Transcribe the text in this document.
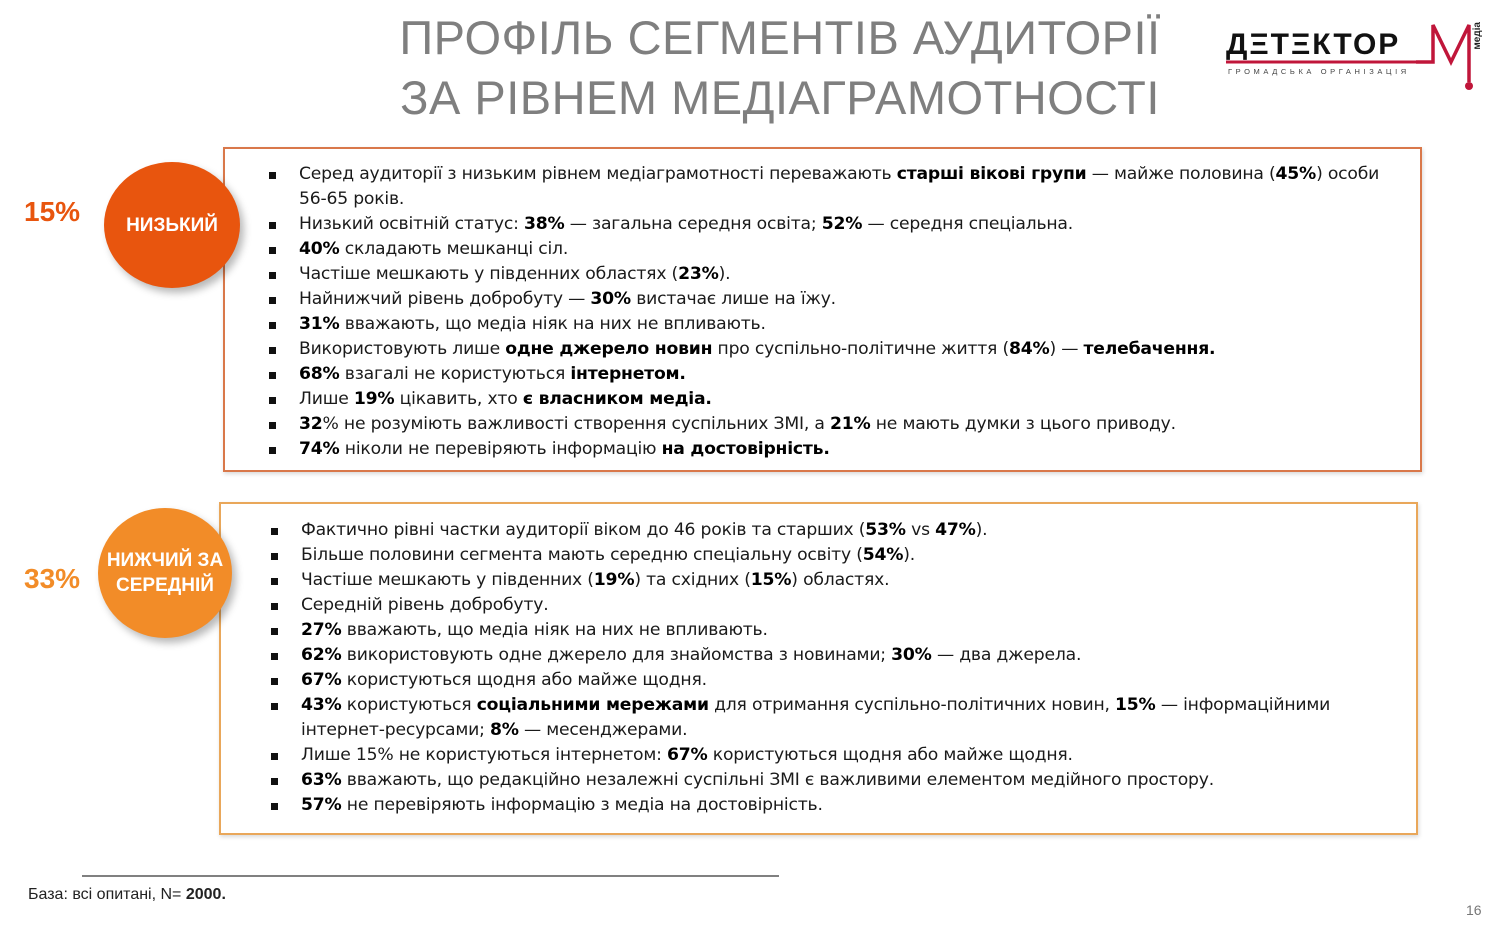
ПРОФІЛЬ СЕГМЕНТІВ АУДИТОРІЇ
ЗА РІВНЕМ МЕДІАГРАМОТНОСТІ
ДΞТΞКТОР
ГРОМАДСЬКА ОРГАНІЗАЦІЯ
медіа
15% НИЗЬКИЙ
Серед аудиторії з низьким рівнем медіаграмотності переважають старші вікові групи — майже половина (45%) особи 56-65 років.
Низький освітній статус: 38% — загальна середня освіта; 52% — середня спеціальна.
40% складають мешканці сіл.
Частіше мешкають у південних областях (23%).
Найнижчий рівень добробуту — 30% вистачає лише на їжу.
31% вважають, що медіа ніяк на них не впливають.
Використовують лише одне джерело новин про суспільно-політичне життя (84%) — телебачення.
68% взагалі не користуються інтернетом.
Лише 19% цікавить, хто є власником медіа.
32% не розуміють важливості створення суспільних ЗМІ, а 21% не мають думки з цього приводу.
74% ніколи не перевіряють інформацію на достовірність.
33%
НИЖЧИЙ ЗА
СЕРЕДНІЙ
Фактично рівні частки аудиторії віком до 46 років та старших (53% vs 47%).
Більше половини сегмента мають середню спеціальну освіту (54%).
Частіше мешкають у південних (19%) та східних (15%) областях.
Середній рівень добробуту.
27% вважають, що медіа ніяк на них не впливають.
62% використовують одне джерело для знайомства з новинами; 30% — два джерела.
67% користуються щодня або майже щодня.
43% користуються соціальними мережами для отримання суспільно-політичних новин, 15% — інформаційними інтернет-ресурсами; 8% — месенджерами.
Лише 15% не користуються інтернетом: 67% користуються щодня або майже щодня.
63% вважають, що редакційно незалежні суспільні ЗМІ є важливими елементом медійного простору.
57% не перевіряють інформацію з медіа на достовірність.
База: всі опитані, N= 2000.
16
